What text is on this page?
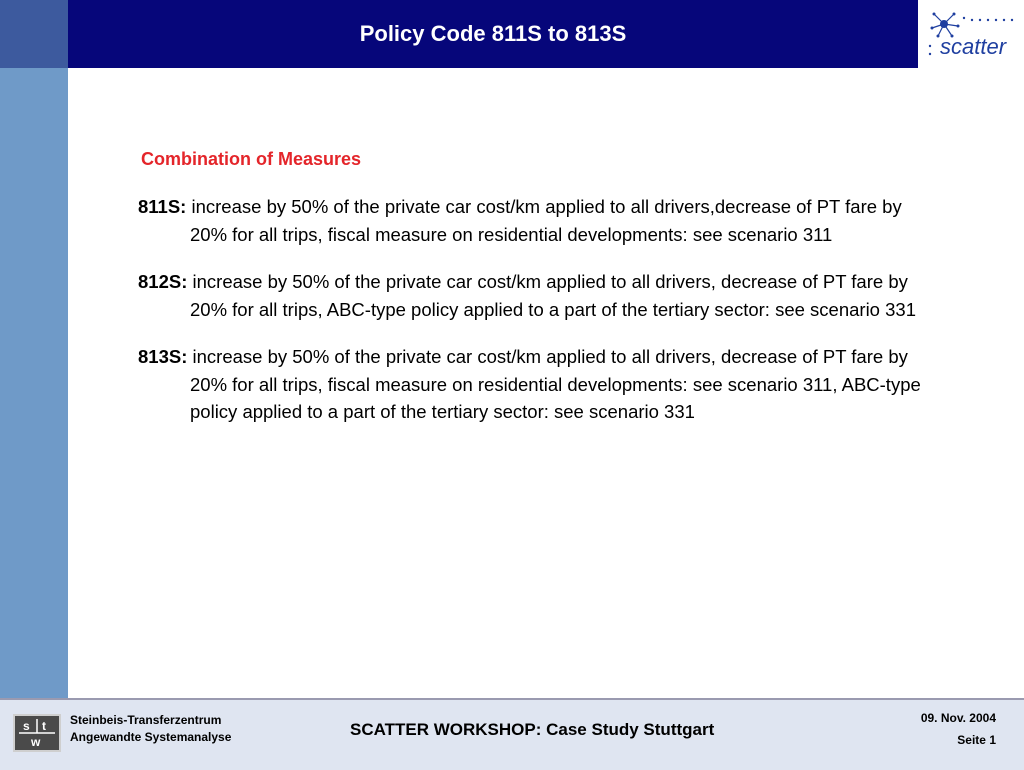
Policy Code 811S to 813S
scatter
Combination of Measures
811S: increase by 50% of the private car cost/km applied to all drivers,decrease of PT fare by 20% for all trips, fiscal measure on residential developments: see scenario 311
812S: increase by 50% of the private car cost/km applied to all drivers, decrease of PT fare by 20% for all trips, ABC-type policy applied to a part of the tertiary sector: see scenario 331
813S: increase by 50% of the private car cost/km applied to all drivers, decrease of PT fare by 20% for all trips, fiscal measure on residential developments: see scenario 311, ABC-type policy applied to a part of the tertiary sector: see scenario 331
s t
w
Steinbeis-Transferzentrum
Angewandte Systemanalyse	SCATTER WORKSHOP: Case Study Stuttgart
09. Nov. 2004
Seite 1
